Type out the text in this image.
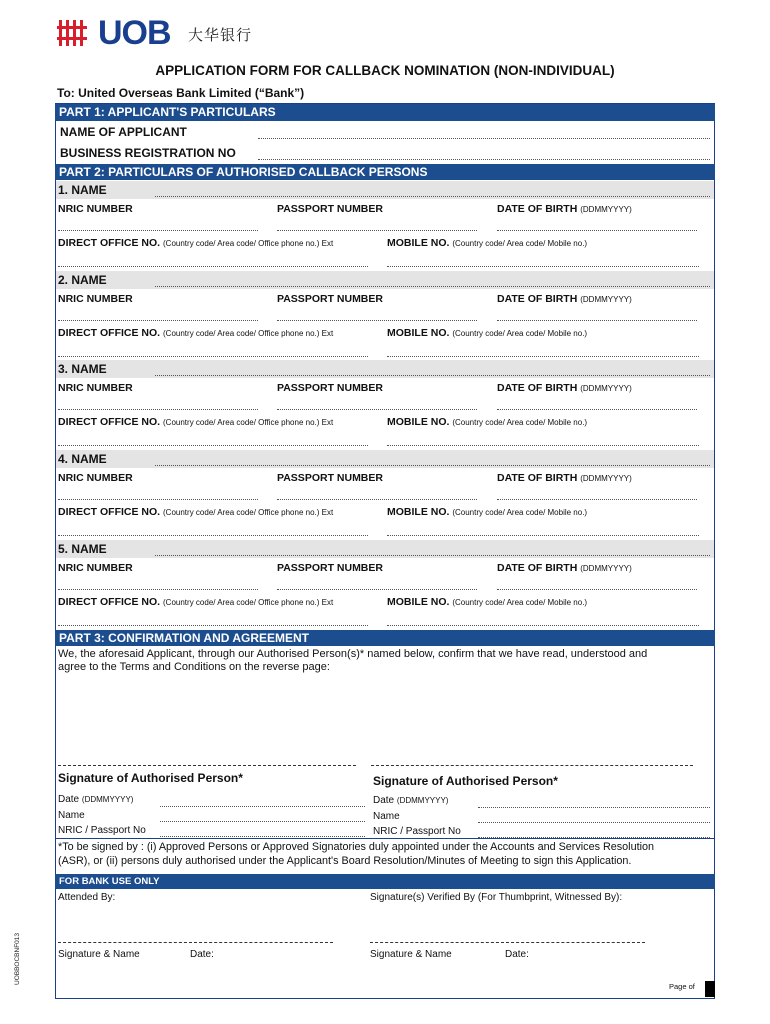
UOB 大华银行
APPLICATION FORM FOR CALLBACK NOMINATION (NON-INDIVIDUAL)
To: United Overseas Bank Limited (“Bank”)
PART 1: APPLICANT'S PARTICULARS
NAME OF APPLICANT
BUSINESS REGISTRATION NO
PART 2: PARTICULARS OF AUTHORISED CALLBACK PERSONS
1. NAME
NRIC NUMBER	PASSPORT NUMBER	DATE OF BIRTH (DDMMYYYY)
DIRECT OFFICE NO. (Country code/ Area code/ Office phone no.) Ext	MOBILE NO. (Country code/ Area code/ Mobile no.)
2. NAME
NRIC NUMBER	PASSPORT NUMBER	DATE OF BIRTH (DDMMYYYY)
DIRECT OFFICE NO. (Country code/ Area code/ Office phone no.) Ext	MOBILE NO. (Country code/ Area code/ Mobile no.)
3. NAME
NRIC NUMBER	PASSPORT NUMBER	DATE OF BIRTH (DDMMYYYY)
DIRECT OFFICE NO. (Country code/ Area code/ Office phone no.) Ext	MOBILE NO. (Country code/ Area code/ Mobile no.)
4. NAME
NRIC NUMBER	PASSPORT NUMBER	DATE OF BIRTH (DDMMYYYY)
DIRECT OFFICE NO. (Country code/ Area code/ Office phone no.) Ext	MOBILE NO. (Country code/ Area code/ Mobile no.)
5. NAME
NRIC NUMBER	PASSPORT NUMBER	DATE OF BIRTH (DDMMYYYY)
DIRECT OFFICE NO. (Country code/ Area code/ Office phone no.) Ext	MOBILE NO. (Country code/ Area code/ Mobile no.)
PART 3: CONFIRMATION AND AGREEMENT
We, the aforesaid Applicant, through our Authorised Person(s)* named below, confirm that we have read, understood and
agree to the Terms and Conditions on the reverse page:
Signature of Authorised Person*	Signature of Authorised Person*
Date (DDMMYYYY)	Date (DDMMYYYY)
Name	Name
NRIC / Passport No	NRIC / Passport No
*To be signed by : (i) Approved Persons or Approved Signatories duly appointed under the Accounts and Services Resolution
(ASR), or (ii) persons duly authorised under the Applicant's Board Resolution/Minutes of Meeting to sign this Application.
FOR BANK USE ONLY
Attended By:	Signature(s) Verified By (For Thumbprint, Witnessed By):
Signature & Name	Date:	Signature & Name	Date:
UOBBOCBNF013
Page of
